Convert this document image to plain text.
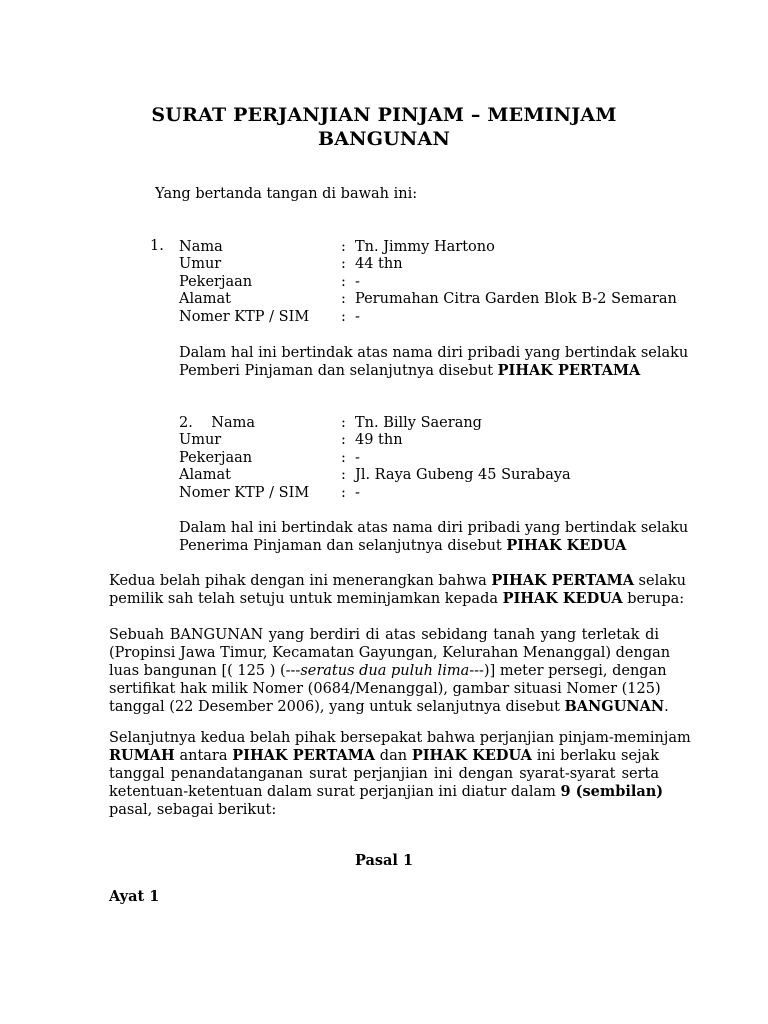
SURAT PERJANJIAN PINJAM – MEMINJAM
BANGUNAN
Yang bertanda tangan di bawah ini:
1. Nama	: Tn. Jimmy Hartono
Umur	: 44 thn
Pekerjaan	: -
Alamat	: Perumahan Citra Garden Blok B-2 Semaran
Nomer KTP / SIM : -
Dalam hal ini bertindak atas nama diri pribadi yang bertindak selaku
Pemberi Pinjaman dan selanjutnya disebut PIHAK PERTAMA
2. Nama	: Tn. Billy Saerang
Umur	: 49 thn
Pekerjaan	: -
Alamat	: Jl. Raya Gubeng 45 Surabaya
Nomer KTP / SIM : -
Dalam hal ini bertindak atas nama diri pribadi yang bertindak selaku
Penerima Pinjaman dan selanjutnya disebut PIHAK KEDUA
Kedua belah pihak dengan ini menerangkan bahwa PIHAK PERTAMA selaku
pemilik sah telah setuju untuk meminjamkan kepada PIHAK KEDUA berupa:
Sebuah BANGUNAN yang berdiri di atas sebidang tanah yang terletak di
(Propinsi Jawa Timur, Kecamatan Gayungan, Kelurahan Menanggal) dengan
luas bangunan [( 125 ) (---seratus dua puluh lima---)] meter persegi, dengan
sertifikat hak milik Nomer (0684/Menanggal), gambar situasi Nomer (125)
tanggal (22 Desember 2006), yang untuk selanjutnya disebut BANGUNAN.
Selanjutnya kedua belah pihak bersepakat bahwa perjanjian pinjam-meminjam
RUMAH antara PIHAK PERTAMA dan PIHAK KEDUA ini berlaku sejak
tanggal penandatanganan surat perjanjian ini dengan syarat-syarat serta
ketentuan-ketentuan dalam surat perjanjian ini diatur dalam 9 (sembilan)
pasal, sebagai berikut:
Pasal 1
Ayat 1
